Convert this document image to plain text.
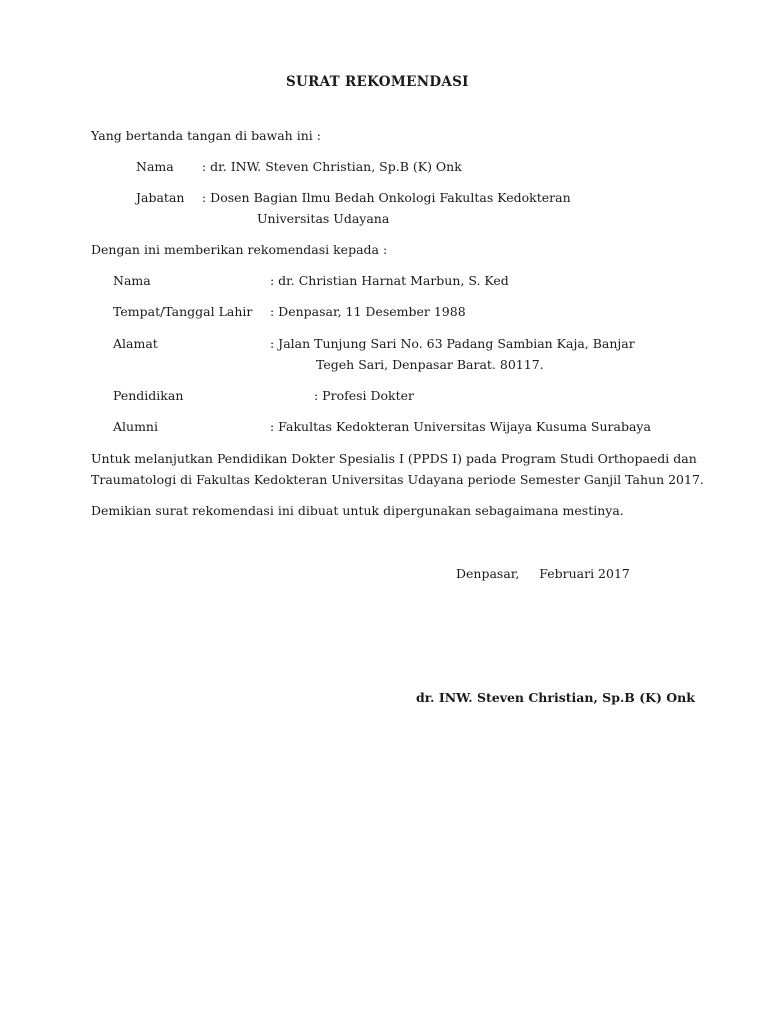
SURAT REKOMENDASI
Yang bertanda tangan di bawah ini :
Nama : dr. INW. Steven Christian, Sp.B (K) Onk
Jabatan : Dosen Bagian Ilmu Bedah Onkologi Fakultas Kedokteran
Universitas Udayana
Dengan ini memberikan rekomendasi kepada :
Nama	: dr. Christian Harnat Marbun, S. Ked
Tempat/Tanggal Lahir : Denpasar, 11 Desember 1988
Alamat	: Jalan Tunjung Sari No. 63 Padang Sambian Kaja, Banjar
Tegeh Sari, Denpasar Barat. 80117.
Pendidikan	: Profesi Dokter
Alumni	: Fakultas Kedokteran Universitas Wijaya Kusuma Surabaya
Untuk melanjutkan Pendidikan Dokter Spesialis I (PPDS I) pada Program Studi Orthopaedi dan
Traumatologi di Fakultas Kedokteran Universitas Udayana periode Semester Ganjil Tahun 2017.
Demikian surat rekomendasi ini dibuat untuk dipergunakan sebagaimana mestinya.
Denpasar,     Februari 2017
dr. INW. Steven Christian, Sp.B (K) Onk
